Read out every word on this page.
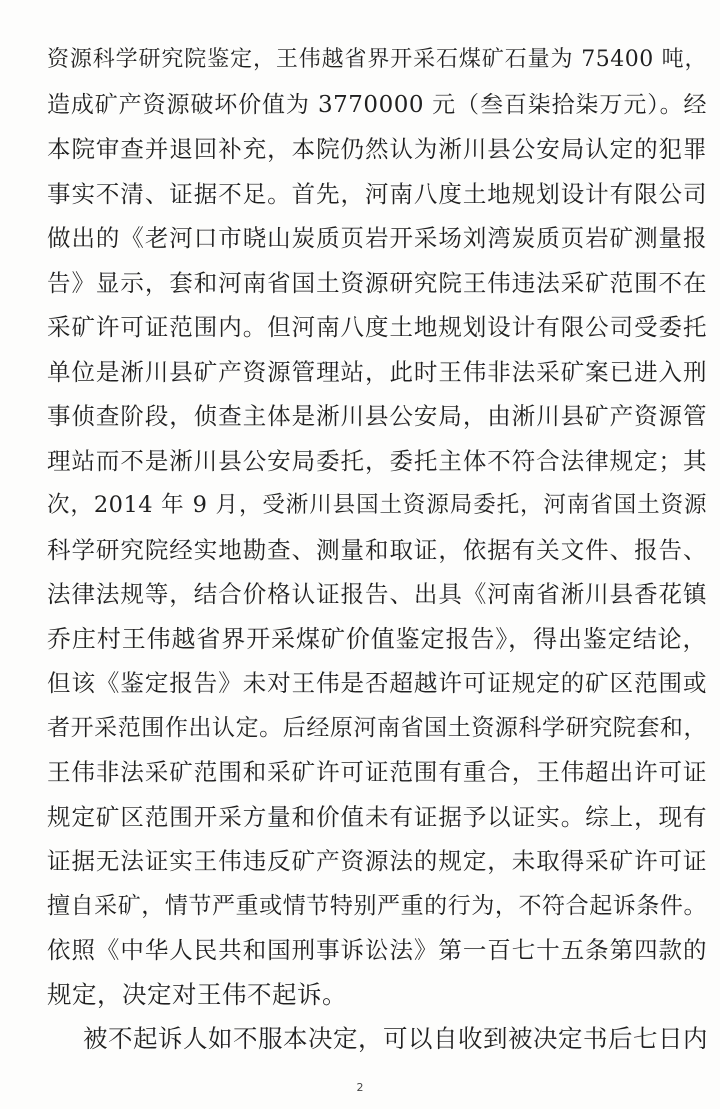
资源科学研究院鉴定，王伟越省界开采石煤矿石量为 75400 吨，
造成矿产资源破坏价值为 3770000 元（叁百柒拾柒万元）。经
本院审查并退回补充，本院仍然认为淅川县公安局认定的犯罪
事实不清、证据不足。首先，河南八度土地规划设计有限公司
做出的《老河口市晓山炭质页岩开采场刘湾炭质页岩矿测量报
告》显示，套和河南省国土资源研究院王伟违法采矿范围不在
采矿许可证范围内。但河南八度土地规划设计有限公司受委托
单位是淅川县矿产资源管理站，此时王伟非法采矿案已进入刑
事侦查阶段，侦查主体是淅川县公安局，由淅川县矿产资源管
理站而不是淅川县公安局委托，委托主体不符合法律规定；其
次，2014 年 9 月，受淅川县国土资源局委托，河南省国土资源
科学研究院经实地勘查、测量和取证，依据有关文件、报告、
法律法规等，结合价格认证报告、出具《河南省淅川县香花镇
乔庄村王伟越省界开采煤矿价值鉴定报告》，得出鉴定结论，
但该《鉴定报告》未对王伟是否超越许可证规定的矿区范围或
者开采范围作出认定。后经原河南省国土资源科学研究院套和，
王伟非法采矿范围和采矿许可证范围有重合，王伟超出许可证
规定矿区范围开采方量和价值未有证据予以证实。综上，现有
证据无法证实王伟违反矿产资源法的规定，未取得采矿许可证
擅自采矿，情节严重或情节特别严重的行为，不符合起诉条件。
依照《中华人民共和国刑事诉讼法》第一百七十五条第四款的
规定，决定对王伟不起诉。
被不起诉人如不服本决定，可以自收到被决定书后七日内
2
